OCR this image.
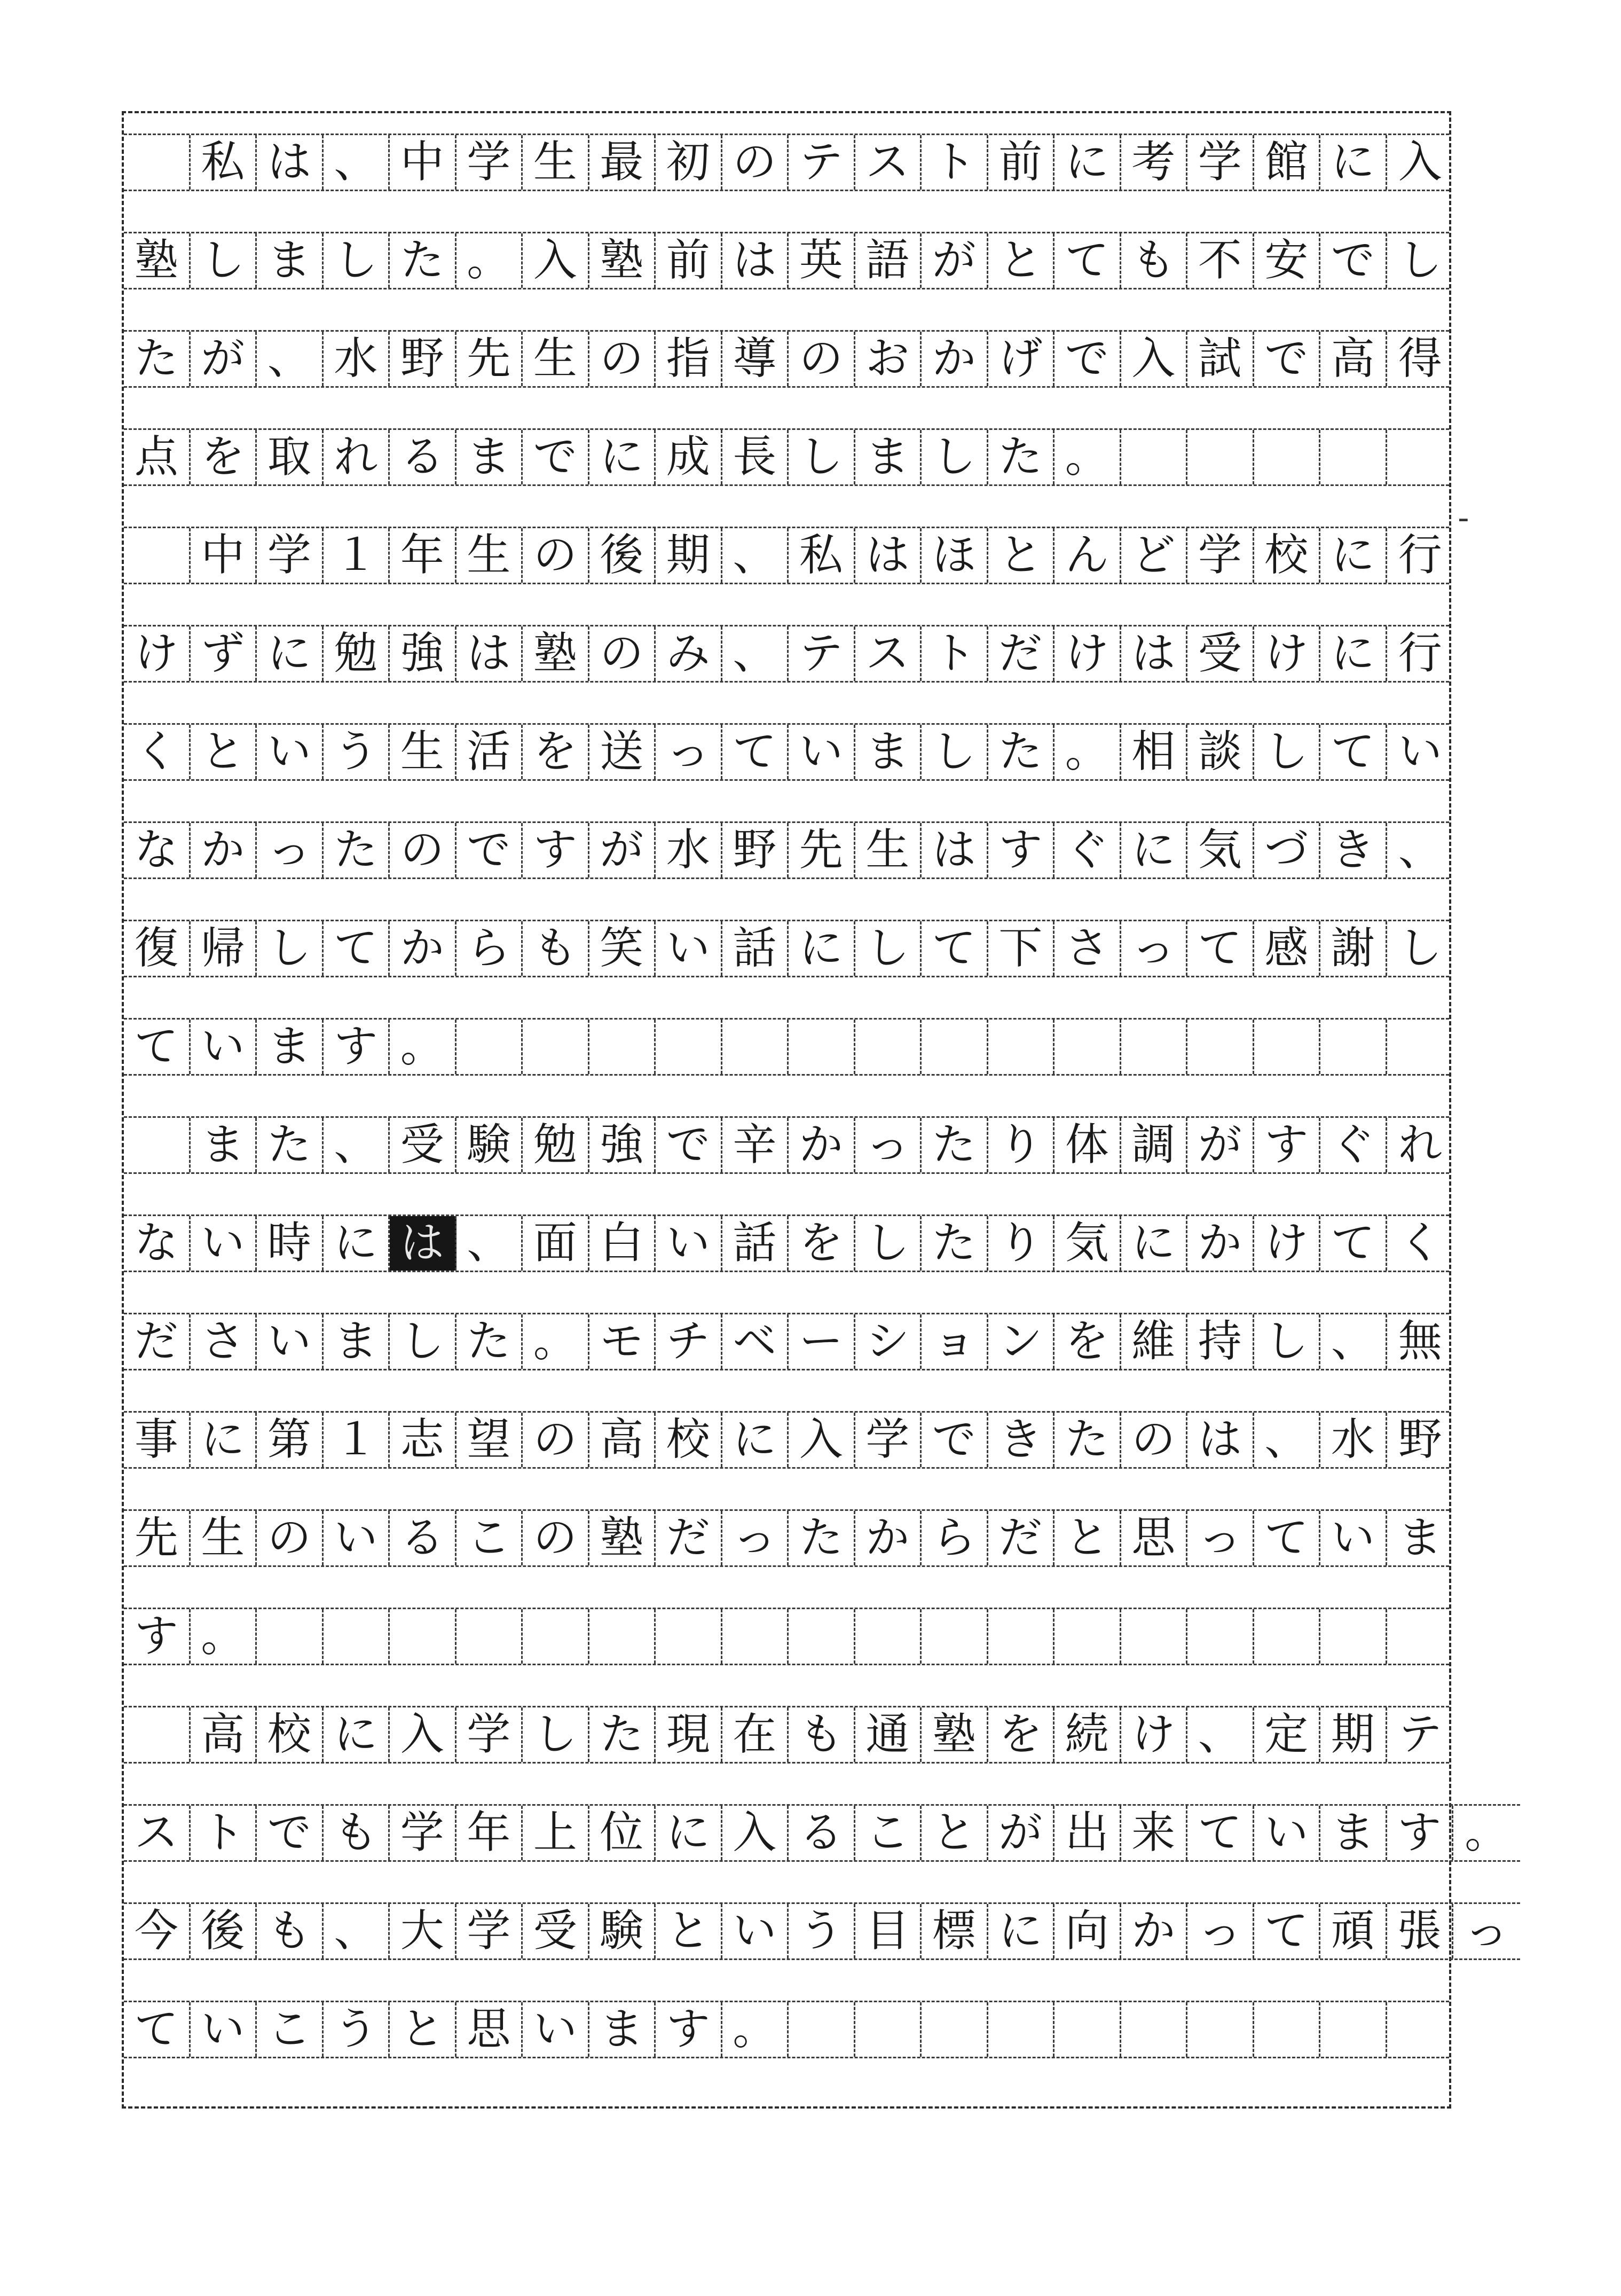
私 は 、 中 学 生 最 初 の テ ス ト 前 に 考 学 館 に 入
塾 し ま し た 。 入 塾 前 は 英 語 が と て も 不 安 で し
た が 、 水 野 先 生 の 指 導 の お か げ で 入 試 で 高 得
点 を 取 れ る ま で に 成 長 し ま し た 。

中 学 １ 年 生 の 後 期 、 私 は ほ と ん ど 学 校 に 行
け ず に 勉 強 は 塾 の み 、 テ ス ト だ け は 受 け に 行
く と い う 生 活 を 送 っ て い ま し た 。 相 談 し て い
な か っ た の で す が 水 野 先 生 は す ぐ に 気 づ き 、
復 帰 し て か ら も 笑 い 話 に し て 下 さ っ て 感 謝 し
て い ま す 。

ま た 、 受 験 勉 強 で 辛 か っ た り 体 調 が す ぐ れ
な い 時 に は 、 面 白 い 話 を し た り 気 に か け て く
だ さ い ま し た 。 モ チ ベ ー シ ョ ン を 維 持 し 、 無
事 に 第 １ 志 望 の 高 校 に 入 学 で き た の は 、 水 野
先 生 の い る こ の 塾 だ っ た か ら だ と 思 っ て い ま
す 。

高 校 に 入 学 し た 現 在 も 通 塾 を 続 け 、 定 期 テ
ス ト で も 学 年 上 位 に 入 る こ と が 出 来 て い ま す 。
今 後 も 、 大 学 受 験 と い う 目 標 に 向 か っ て 頑 張 っ
て い こ う と 思 い ま す 。
-
